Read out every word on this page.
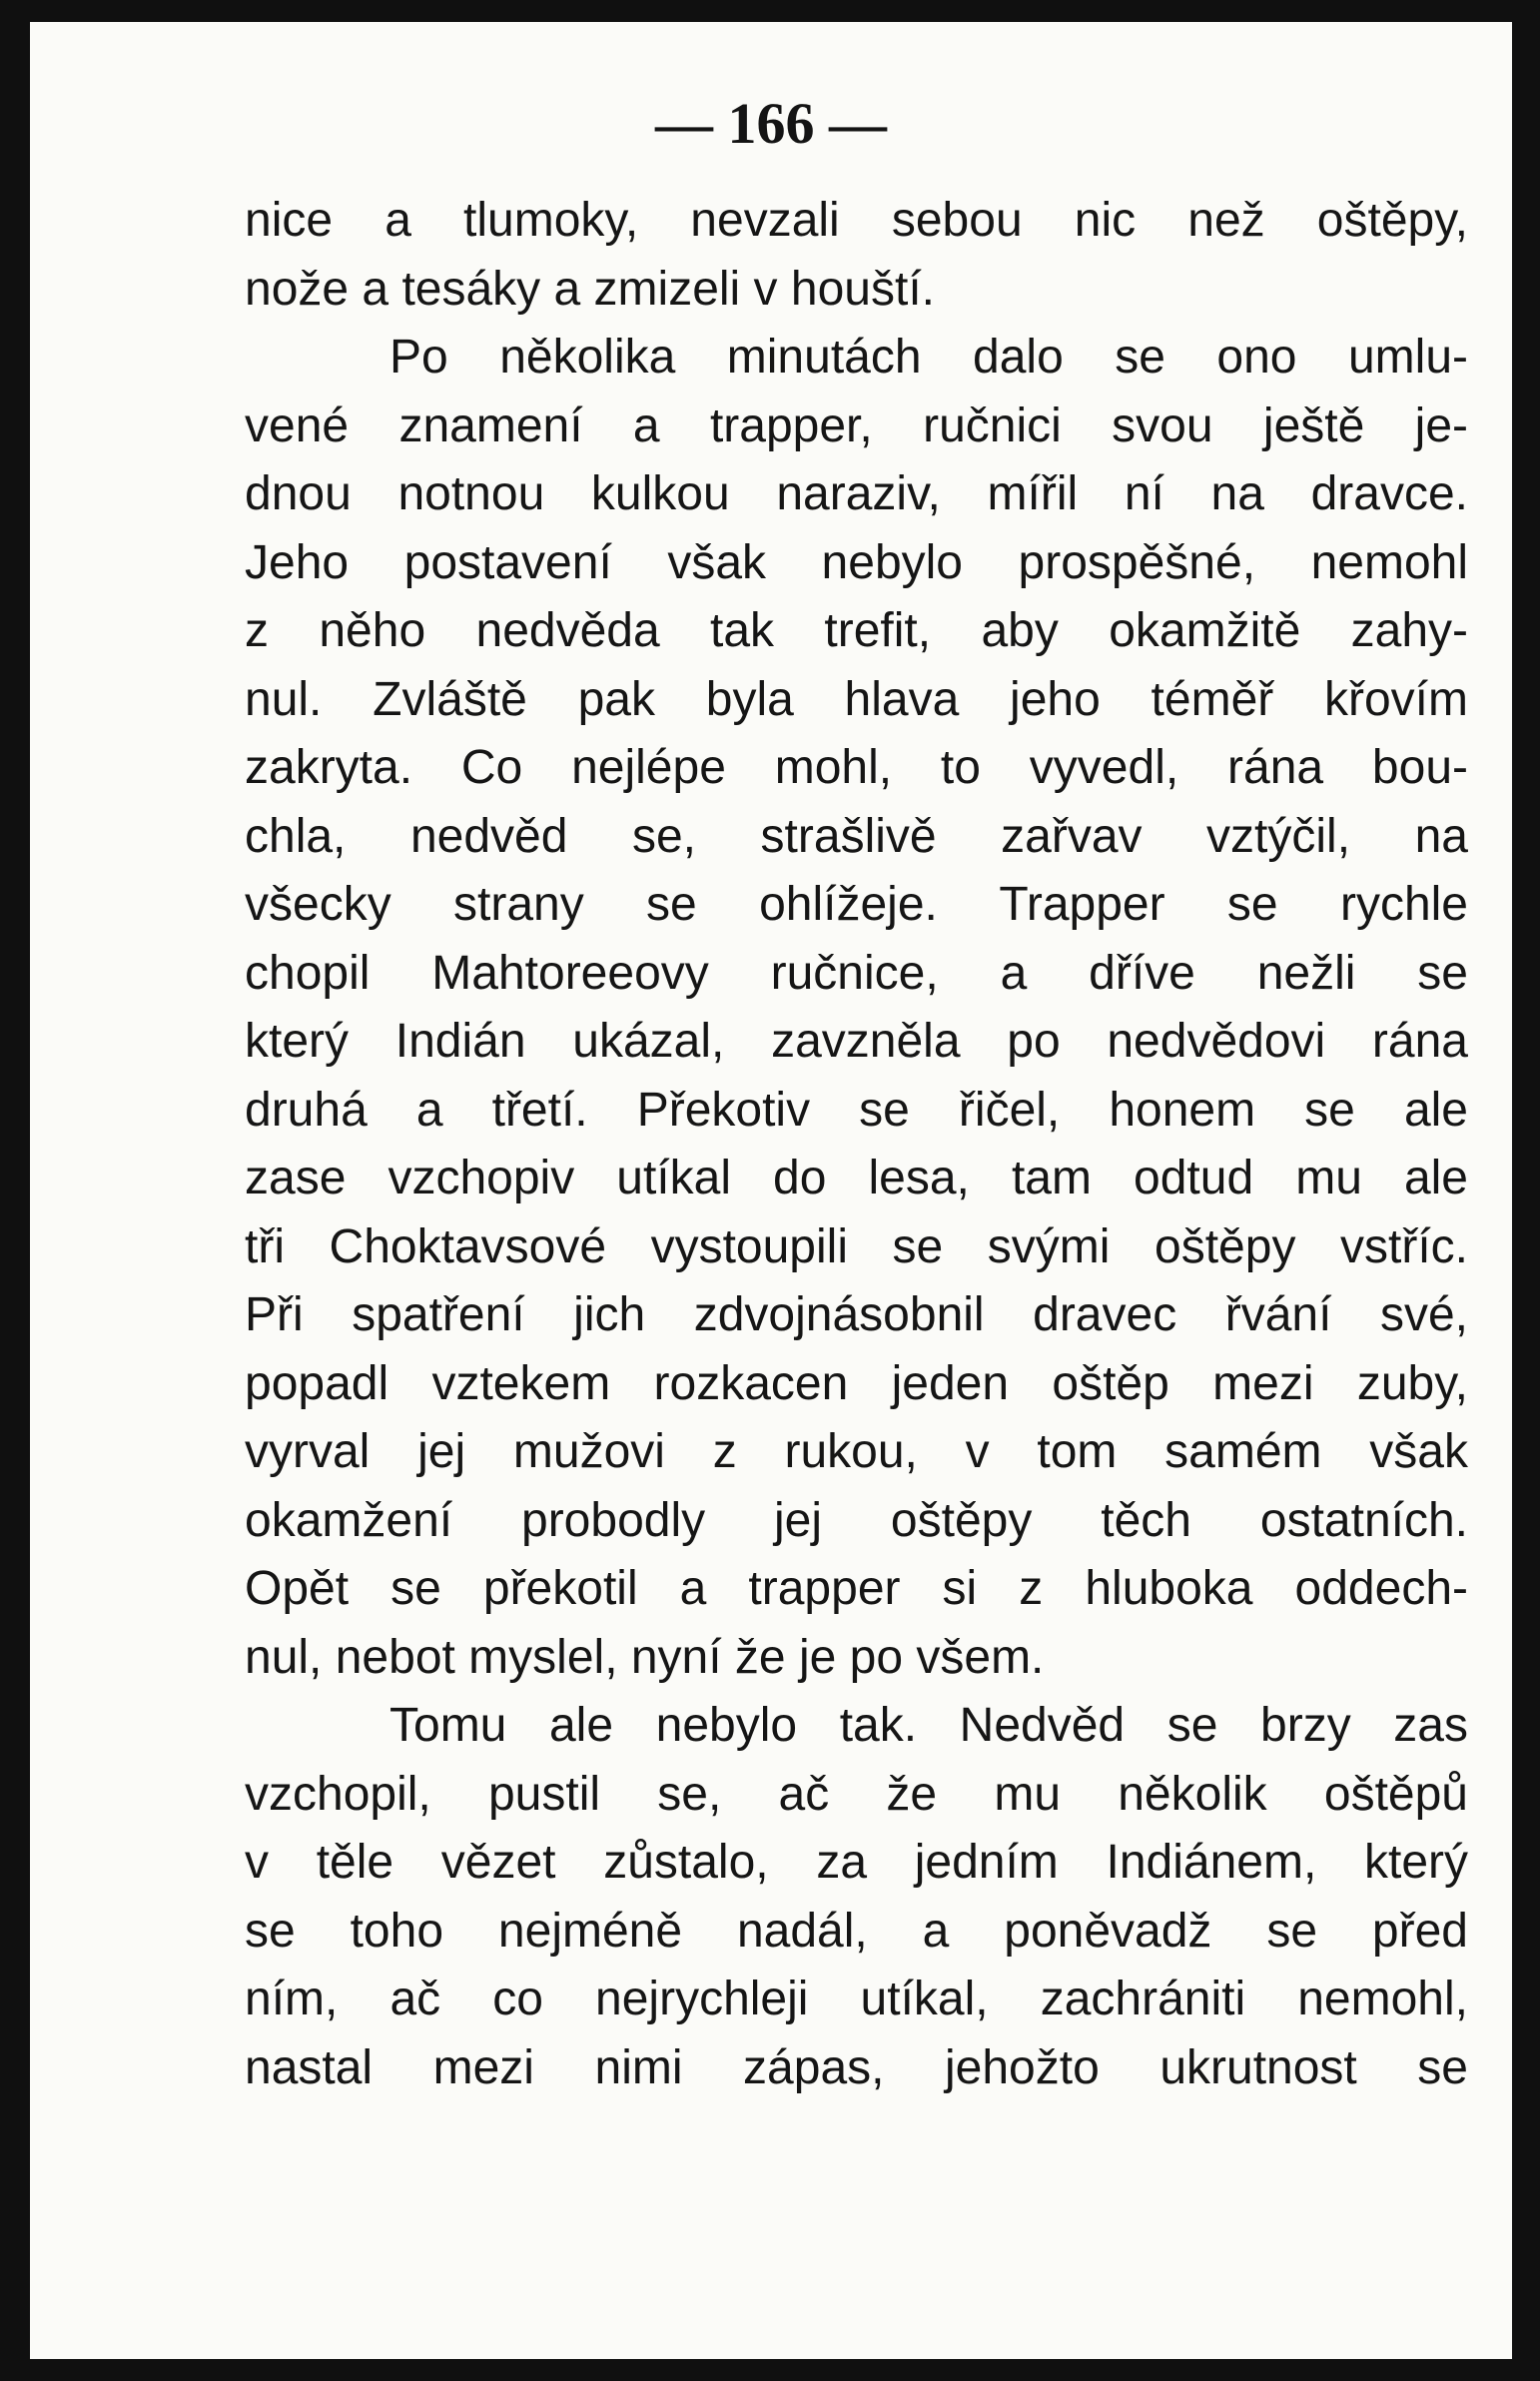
— 166 —
nice a tlumoky, nevzali sebou nic než oštěpy,
nože a tesáky a zmizeli v houští.
Po několika minutách dalo se ono umlu-
vené znamení a trapper, ručnici svou ještě je-
dnou notnou kulkou naraziv, mířil ní na dravce.
Jeho postavení však nebylo prospěšné, nemohl
z něho nedvěda tak trefit, aby okamžitě zahy-
nul. Zvláště pak byla hlava jeho téměř křovím
zakryta. Co nejlépe mohl, to vyvedl, rána bou-
chla, nedvěd se, strašlivě zařvav vztýčil, na
všecky strany se ohlížeje. Trapper se rychle
chopil Mahtoreeovy ručnice, a dříve nežli se
který Indián ukázal, zavzněla po nedvědovi rána
druhá a třetí. Překotiv se řičel, honem se ale
zase vzchopiv utíkal do lesa, tam odtud mu ale
tři Choktavsové vystoupili se svými oštěpy vstříc.
Při spatření jich zdvojnásobnil dravec řvání své,
popadl vztekem rozkacen jeden oštěp mezi zuby,
vyrval jej mužovi z rukou, v tom samém však
okamžení probodly jej oštěpy těch ostatních.
Opět se překotil a trapper si z hluboka oddech-
nul, nebot myslel, nyní že je po všem.
Tomu ale nebylo tak. Nedvěd se brzy zas
vzchopil, pustil se, ač že mu několik oštěpů
v těle vězet zůstalo, za jedním Indiánem, který
se toho nejméně nadál, a poněvadž se před
ním, ač co nejrychleji utíkal, zachrániti nemohl,
nastal mezi nimi zápas, jehožto ukrutnost se
